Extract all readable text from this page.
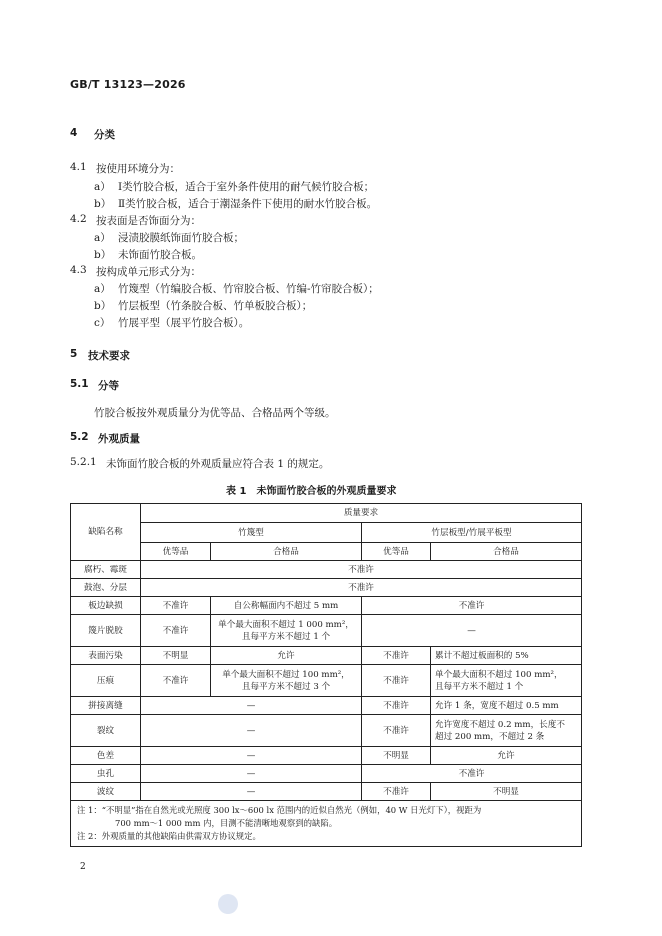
GB/T 13123—2026
4 分类
4.1 按使用环境分为：
a） Ⅰ类竹胶合板，适合于室外条件使用的耐气候竹胶合板；
b） Ⅱ类竹胶合板，适合于潮湿条件下使用的耐水竹胶合板。
4.2 按表面是否饰面分为：
a） 浸渍胶膜纸饰面竹胶合板；
b） 未饰面竹胶合板。
4.3 按构成单元形式分为：
a） 竹篾型（竹编胶合板、竹帘胶合板、竹编-竹帘胶合板）；
b） 竹层板型（竹条胶合板、竹单板胶合板）；
c） 竹展平型（展平竹胶合板）。
5 技术要求
5.1 分等
竹胶合板按外观质量分为优等品、合格品两个等级。
5.2 外观质量
5.2.1 未饰面竹胶合板的外观质量应符合表 1 的规定。
表 1　未饰面竹胶合板的外观质量要求
缺陷名称	质量要求			
	竹篾型		竹层板型/竹展平板型	
	优等品	合格品	优等品	合格品
腐朽、霉斑	不准许			
鼓泡、分层	不准许			
板边缺损	不准许	自公称幅面内不超过 5 mm	不准许	
篾片脱胶	不准许	单个最大面积不超过 1 000 mm²，
且每平方米不超过 1 个	—	
表面污染	不明显	允许	不准许	累计不超过板面积的 5%
压痕	不准许	单个最大面积不超过 100 mm²，
且每平方米不超过 3 个	不准许	单个最大面积不超过 100 mm²，
且每平方米不超过 1 个

拼接离缝	—		不准许	允许 1 条，宽度不超过 0.5 mm
裂纹	—		不准许	允许宽度不超过 0.2 mm，长度不
超过 200 mm，不超过 2 条

色差	—		不明显	允许
虫孔	—		不准许	
波纹	—		不准许	不明显

注 1：“不明显”指在自然光或光照度 300 lx～600 lx 范围内的近似自然光（例如，40 W 日光灯下），视距为
700 mm～1 000 mm 内，目测不能清晰地观察到的缺陷。
注 2：外观质量的其他缺陷由供需双方协议规定。				
2
